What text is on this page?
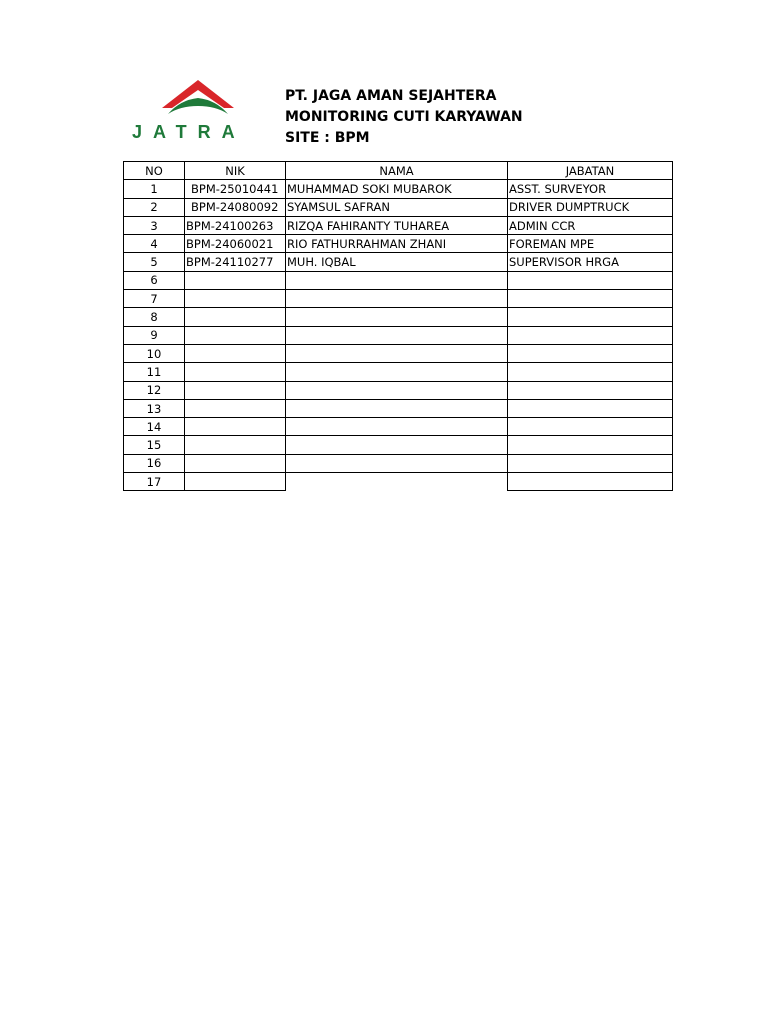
JATRA
PT. JAGA AMAN SEJAHTERA
MONITORING CUTI KARYAWAN
SITE : BPM
NO	NIK	NAMA	JABATAN
1	BPM-25010441	MUHAMMAD SOKI MUBAROK	ASST. SURVEYOR
2	BPM-24080092	SYAMSUL SAFRAN	DRIVER DUMPTRUCK
3	BPM-24100263	RIZQA FAHIRANTY TUHAREA	ADMIN CCR
4	BPM-24060021	RIO FATHURRAHMAN ZHANI	FOREMAN MPE
5	BPM-24110277	MUH. IQBAL	SUPERVISOR HRGA
6			
7			
8			
9			
10			
11			
12			
13			
14			
15			
16			
17			
